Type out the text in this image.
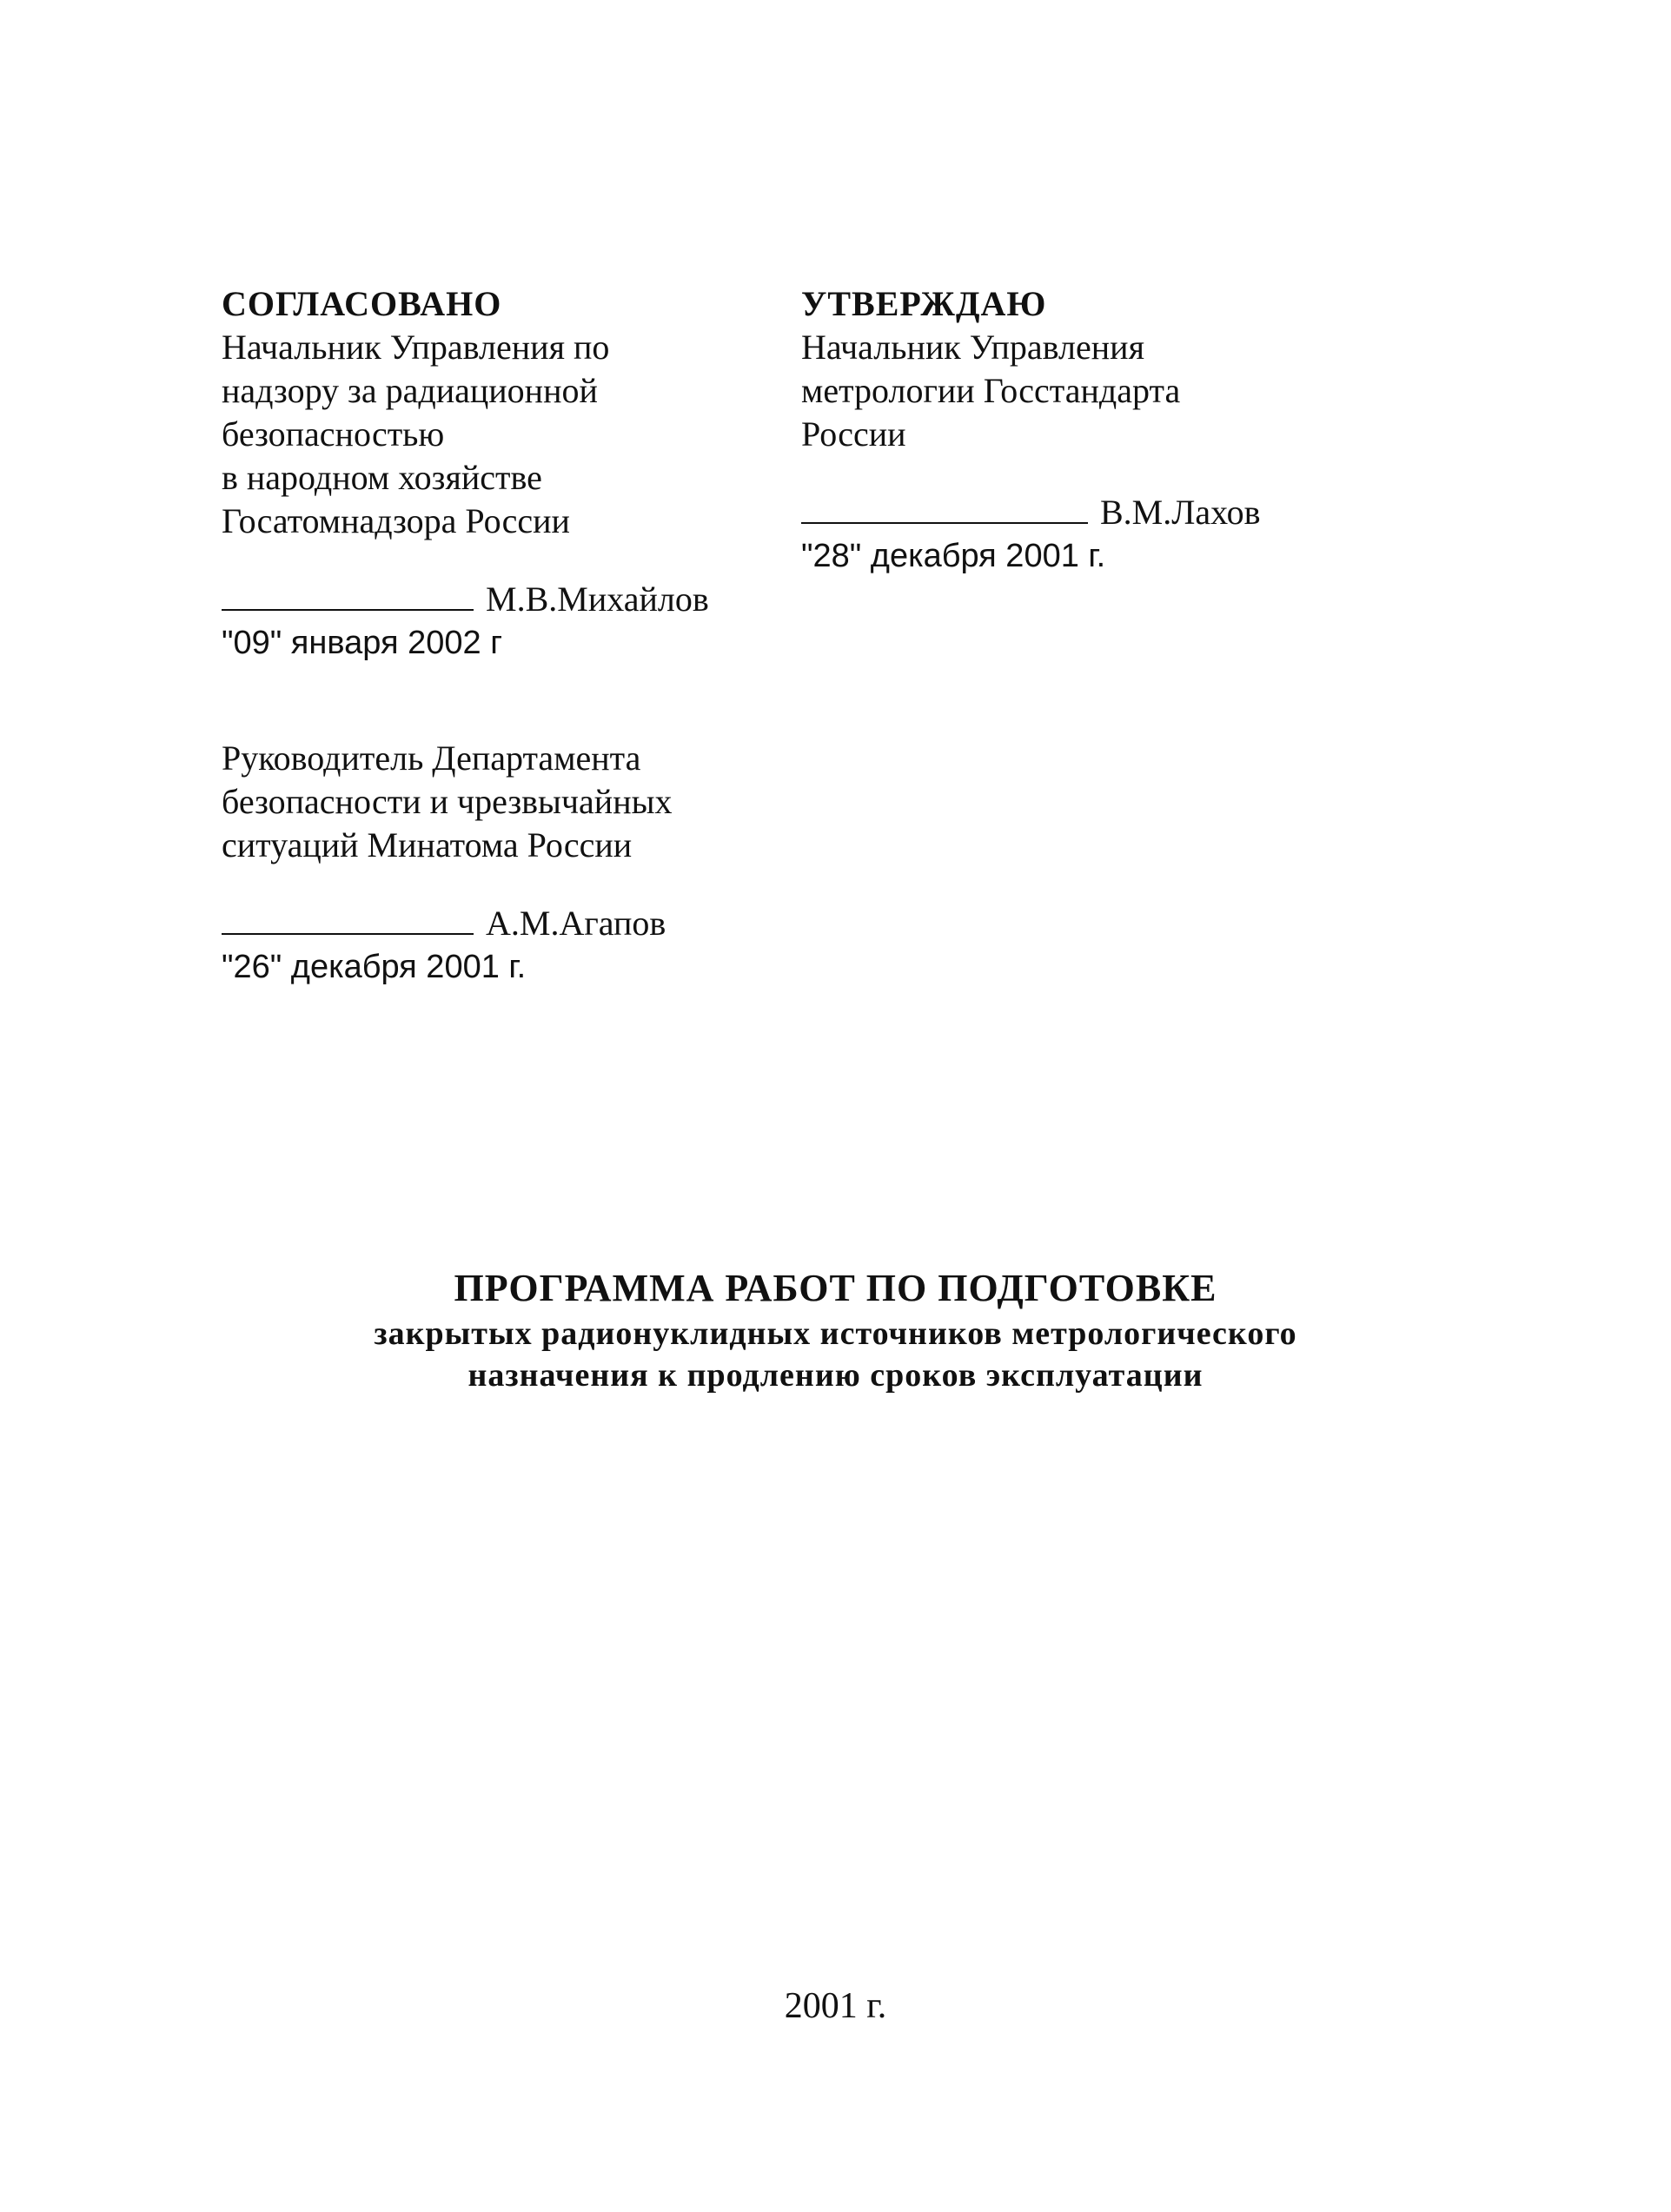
СОГЛАСОВАНО
Начальник Управления по
надзору за радиационной
безопасностью
в народном хозяйстве
Госатомнадзора России
М.В.Михайлов
"09" января 2002 г
УТВЕРЖДАЮ
Начальник Управления
метрологии Госстандарта
России
В.М.Лахов
"28" декабря 2001 г.
Руководитель Департамента
безопасности и чрезвычайных
ситуаций Минатома России
А.М.Агапов
"26" декабря 2001 г.
ПРОГРАММА РАБОТ ПО ПОДГОТОВКЕ
закрытых радионуклидных источников метрологического
назначения к продлению сроков эксплуатации
2001 г.
